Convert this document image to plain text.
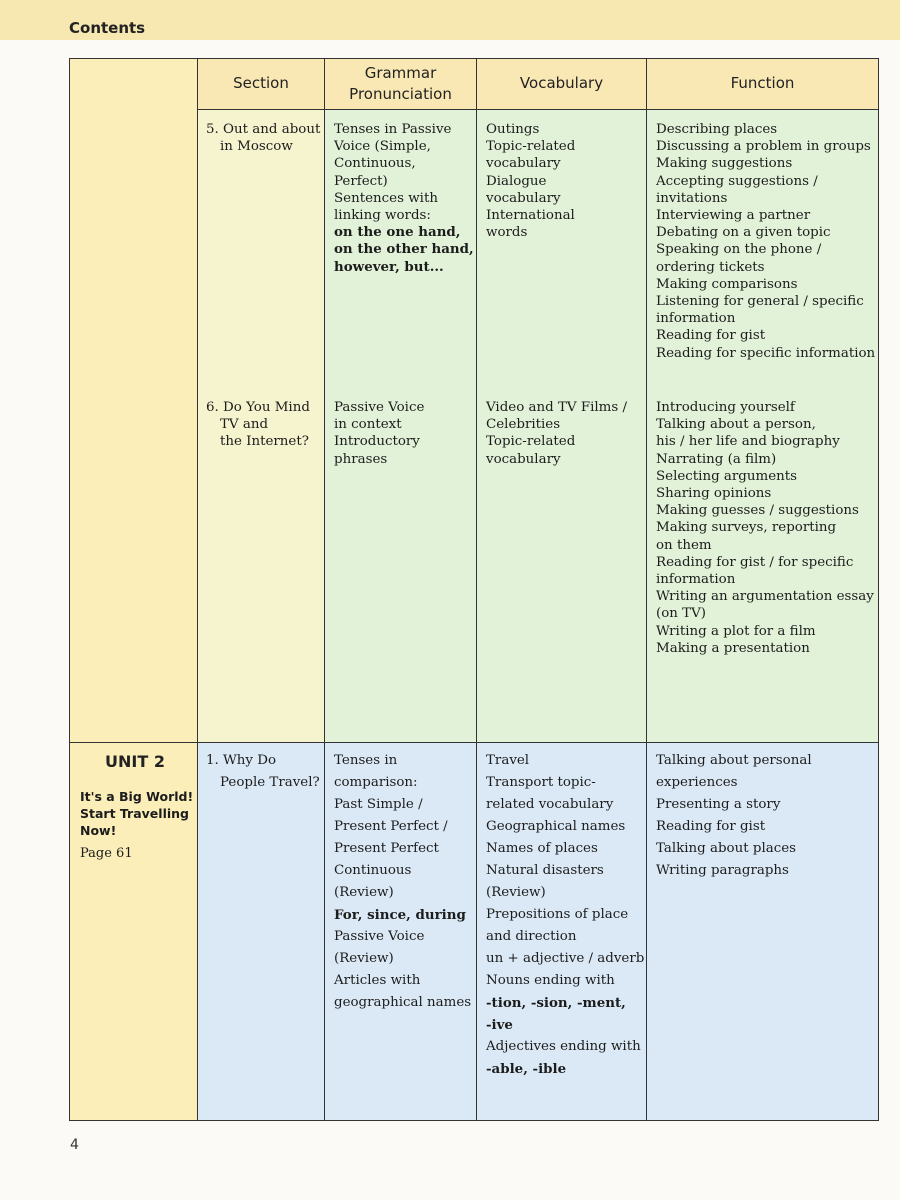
Contents
Section
Grammar
Pronunciation
Vocabulary	Function
5. Out and about
in Moscow
Tenses in Passive
Voice (Simple,
Continuous,
Perfect)
Sentences with
linking words:
on the one hand,
on the other hand,
however, but...
Outings
Topic-related
vocabulary
Dialogue
vocabulary
International
words
Describing places
Discussing a problem in groups
Making suggestions
Accepting suggestions /
invitations
Interviewing a partner
Debating on a given topic
Speaking on the phone /
ordering tickets
Making comparisons
Listening for general / specific
information
Reading for gist
Reading for specific information
6. Do You Mind
TV and
the Internet?
Passive Voice
in context
Introductory
phrases
Video and TV Films /
Celebrities
Topic-related
vocabulary
Introducing yourself
Talking about a person,
his / her life and biography
Narrating (a film)
Selecting arguments
Sharing opinions
Making guesses / suggestions
Making surveys, reporting
on them
Reading for gist / for specific
information
Writing an argumentation essay
(on TV)
Writing a plot for a film
Making a presentation
UNIT 2
It's a Big World!
Start Travelling
Now!
Page 61
1. Why Do
People Travel?
Tenses in
comparison:
Past Simple /
Present Perfect /
Present Perfect
Continuous
(Review)
For, since, during
Passive Voice
(Review)
Articles with
geographical names
Travel
Transport topic-
related vocabulary
Geographical names
Names of places
Natural disasters
(Review)
Prepositions of place
and direction
un + adjective / adverb
Nouns ending with
-tion, -sion, -ment,
-ive
Adjectives ending with
-able, -ible
Talking about personal
experiences
Presenting a story
Reading for gist
Talking about places
Writing paragraphs
4
